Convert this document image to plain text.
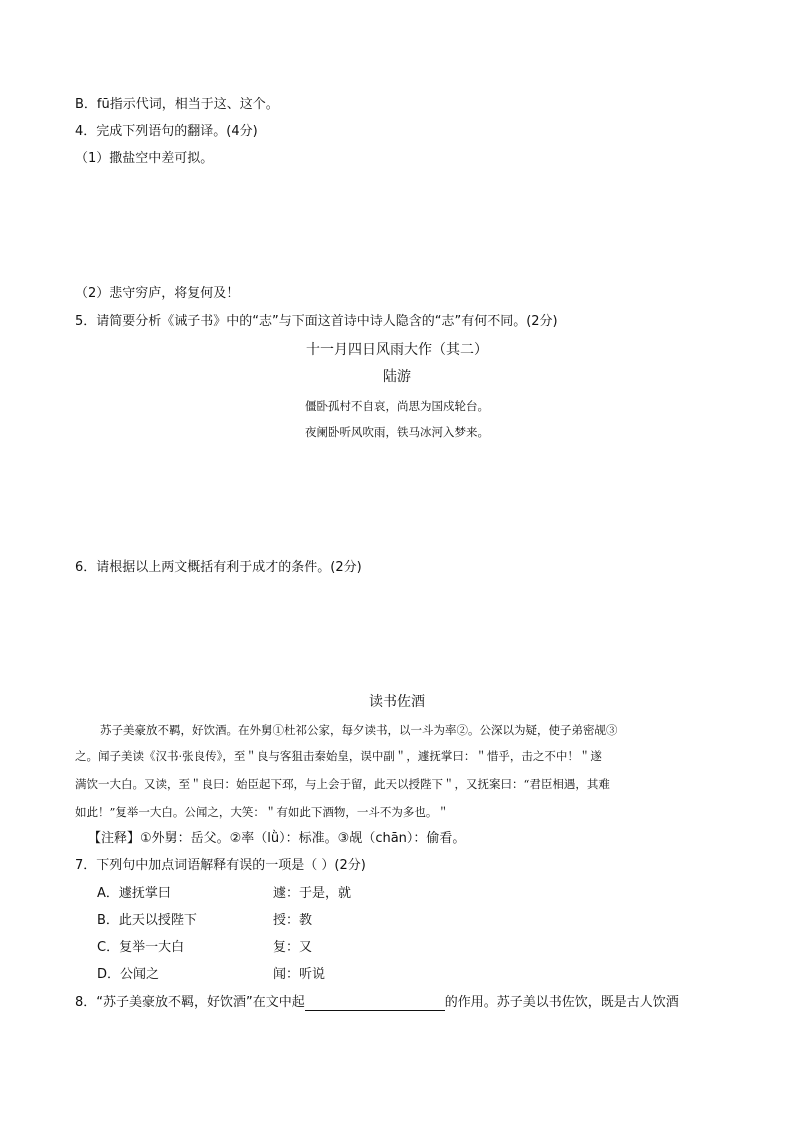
B．fū指示代词，相当于这、这个。
4．完成下列语句的翻译。(4分)
（1）撒盐空中差可拟。
（2）悲守穷庐，将复何及！
5．请简要分析《诫子书》中的“志”与下面这首诗中诗人隐含的“志”有何不同。(2分)
十一月四日风雨大作（其二）
陆游
僵卧孤村不自哀，尚思为国戍轮台。
夜阑卧听风吹雨，铁马冰河入梦来。
6．请根据以上两文概括有利于成才的条件。(2分)
读书佐酒
苏子美豪放不羁，好饮酒。在外舅①杜祁公家，每夕读书，以一斗为率②。公深以为疑，使子弟密觇③
之。闻子美读《汉书·张良传》，至＂良与客狙击秦始皇，误中副＂，遽抚掌曰：＂惜乎，击之不中！＂遂
满饮一大白。又读，至＂良曰：始臣起下邳，与上会于留，此天以授陛下＂，又抚案曰：“君臣相遇，其难
如此！”复举一大白。公闻之，大笑：＂有如此下酒物，一斗不为多也。＂
【注释】①外舅：岳父。②率（lǜ）：标准。③觇（chān）：偷看。
7．下列句中加点词语解释有误的一项是（ ）(2分)
A．遽抚掌曰	遽：于是，就
B．此天以授陛下	授：教
C．复举一大白	复：又
D．公闻之	闻：听说
8．“苏子美豪放不羁，好饮酒”在文中起	的作用。苏子美以书佐饮，既是古人饮酒
